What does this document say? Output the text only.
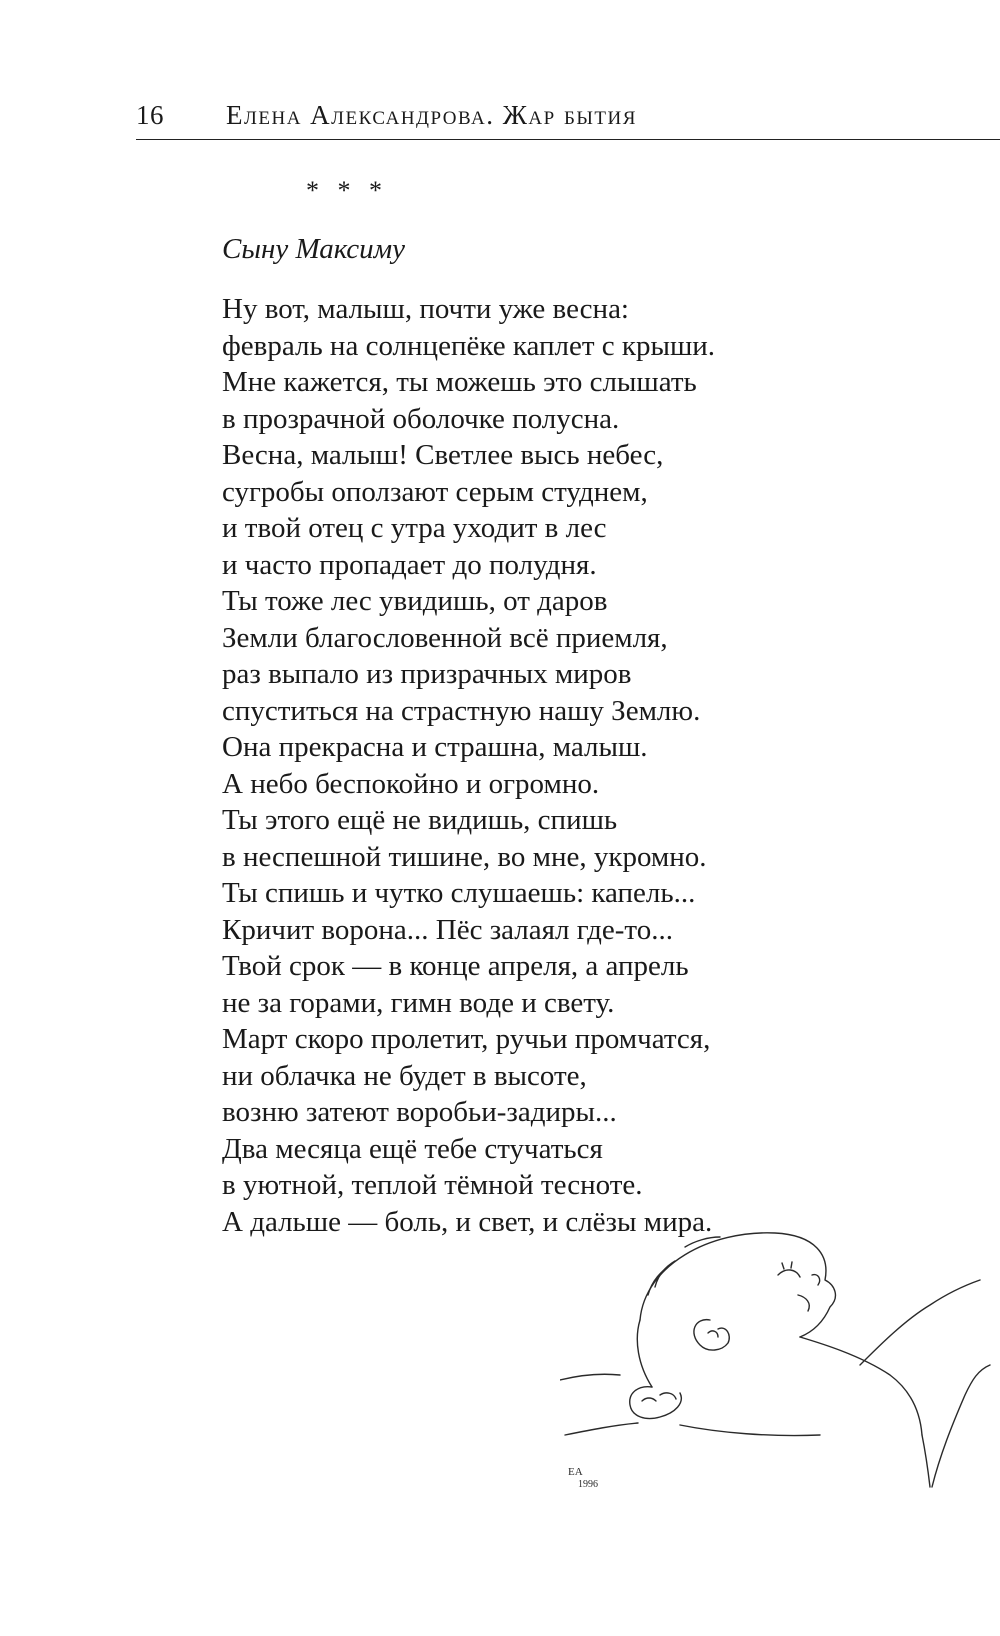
16 Елена Александрова. Жар бытия
* * *
Сыну Максиму
Ну вот, малыш, почти уже весна:
февраль на солнцепёке каплет с крыши.
Мне кажется, ты можешь это слышать
в прозрачной оболочке полусна.
Весна, малыш! Светлее высь небес,
сугробы оползают серым студнем,
и твой отец с утра уходит в лес
и часто пропадает до полудня.
Ты тоже лес увидишь, от даров
Земли благословенной всё приемля,
раз выпало из призрачных миров
спуститься на страстную нашу Землю.
Она прекрасна и страшна, малыш.
А небо беспокойно и огромно.
Ты этого ещё не видишь, спишь
в неспешной тишине, во мне, укромно.
Ты спишь и чутко слушаешь: капель...
Кричит ворона... Пёс залаял где-то...
Твой срок — в конце апреля, а апрель
не за горами, гимн воде и свету.
Март скоро пролетит, ручьи промчатся,
ни облачка не будет в высоте,
возню затеют воробьи-задиры...
Два месяца ещё тебе стучаться
в уютной, теплой тёмной тесноте.
А дальше — боль, и свет, и слёзы мира.
ЕА
1996
